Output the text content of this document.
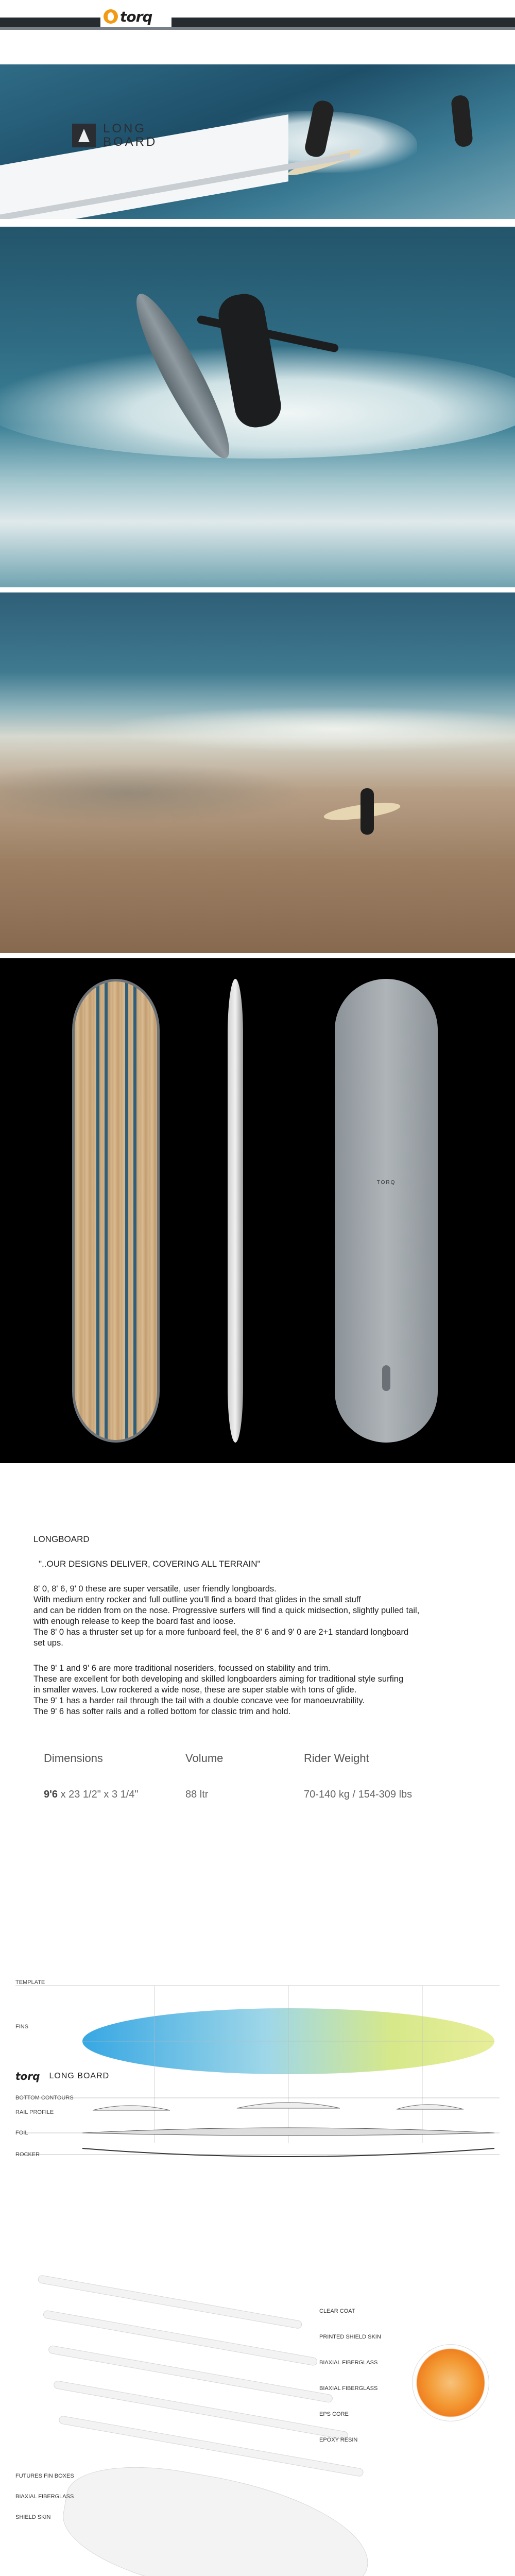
torq
LONG
BOARD
TORQ
LONGBOARD
"..OUR DESIGNS DELIVER, COVERING ALL TERRAIN"
8' 0, 8' 6, 9' 0 these are super versatile, user friendly longboards.
With medium entry rocker and full outline you'll find a board that glides in the small stuff
and can be ridden from on the nose. Progressive surfers will find a quick midsection, slightly pulled tail,
with enough release to keep the board fast and loose.
The 8' 0 has a thruster set up for a more funboard feel, the 8' 6 and 9' 0 are 2+1 standard longboard
set ups.
The 9' 1 and 9' 6 are more traditional noseriders, focussed on stability and trim.
These are excellent for both developing and skilled longboarders aiming for traditional style surfing
in smaller waves. Low rockered a wide nose, these are super stable with tons of glide.
The 9' 1 has a harder rail through the tail with a double concave vee for manoeuvrability.
The 9' 6 has softer rails and a rolled bottom for classic trim and hold.
Dimensions	Volume	Rider Weight
9'6 x 23 1/2" x 3 1/4"	88 ltr	70-140 kg / 154-309 lbs
TEMPLATE
FINS
torq LONG BOARD
BOTTOM CONTOURS
RAIL PROFILE
FOIL
ROCKER
CLEAR COAT
PRINTED SHIELD SKIN
BIAXIAL FIBERGLASS
BIAXIAL FIBERGLASS
EPS CORE
EPOXY RESIN
FUTURES FIN BOXES
BIAXIAL FIBERGLASS
SHIELD SKIN
